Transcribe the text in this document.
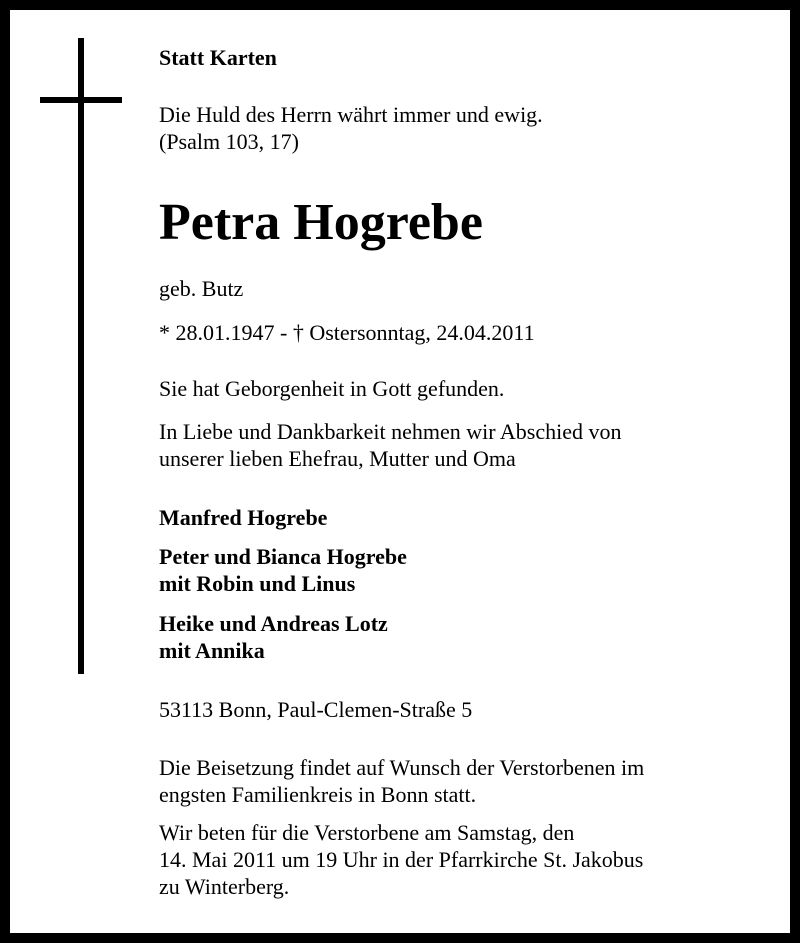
Statt Karten

Die Huld des Herrn währt immer und ewig.

(Psalm 103, 17)

Petra Hogrebe

geb. Butz

* 28.01.1947 - † Ostersonntag, 24.04.2011

Sie hat Geborgenheit in Gott gefunden.

In Liebe und Dankbarkeit nehmen wir Abschied von

unserer lieben Ehefrau, Mutter und Oma

Manfred Hogrebe

Peter und Bianca Hogrebe

mit Robin und Linus

Heike und Andreas Lotz

mit Annika

53113 Bonn, Paul-Clemen-Straße 5

Die Beisetzung findet auf Wunsch der Verstorbenen im

engsten Familienkreis in Bonn statt.

Wir beten für die Verstorbene am Samstag, den

14. Mai 2011 um 19 Uhr in der Pfarrkirche St. Jakobus

zu Winterberg.
